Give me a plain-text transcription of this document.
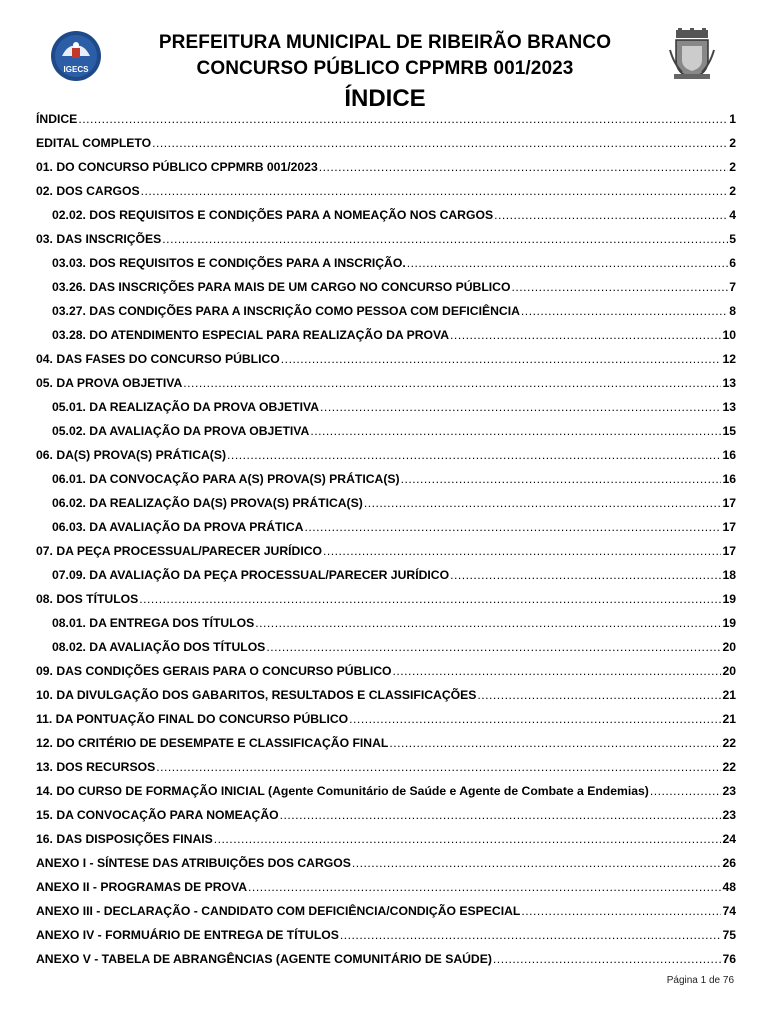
IGECS
PREFEITURA MUNICIPAL DE RIBEIRÃO BRANCO
CONCURSO PÚBLICO CPPMRB 001/2023
ÍNDICE
ÍNDICE .....	1
EDITAL COMPLETO .....	2
01. DO CONCURSO PÚBLICO CPPMRB 001/2023 .....	2
02. DOS CARGOS .....	2
02.02. DOS REQUISITOS E CONDIÇÕES PARA A NOMEAÇÃO NOS CARGOS .....	4
03. DAS INSCRIÇÕES .....	5
03.03. DOS REQUISITOS E CONDIÇÕES PARA A INSCRIÇÃO. .....	6
03.26. DAS INSCRIÇÕES PARA MAIS DE UM CARGO NO CONCURSO PÚBLICO .....	7
03.27. DAS CONDIÇÕES PARA A INSCRIÇÃO COMO PESSOA COM DEFICIÊNCIA .....	8
03.28. DO ATENDIMENTO ESPECIAL PARA REALIZAÇÃO DA PROVA .....	10
04. DAS FASES DO CONCURSO PÚBLICO .....	12
05. DA PROVA OBJETIVA .....	13
05.01. DA REALIZAÇÃO DA PROVA OBJETIVA .....	13
05.02. DA AVALIAÇÃO DA PROVA OBJETIVA .....	15
06. DA(S) PROVA(S) PRÁTICA(S) .....	16
06.01. DA CONVOCAÇÃO PARA A(S) PROVA(S) PRÁTICA(S) .....	16
06.02. DA REALIZAÇÃO DA(S) PROVA(S) PRÁTICA(S) .....	17
06.03. DA AVALIAÇÃO DA PROVA PRÁTICA .....	17
07. DA PEÇA PROCESSUAL/PARECER JURÍDICO .....	17
07.09. DA AVALIAÇÃO DA PEÇA PROCESSUAL/PARECER JURÍDICO .....	18
08. DOS TÍTULOS .....	19
08.01. DA ENTREGA DOS TÍTULOS .....	19
08.02. DA AVALIAÇÃO DOS TÍTULOS .....	20
09. DAS CONDIÇÕES GERAIS PARA O CONCURSO PÚBLICO .....	20
10. DA DIVULGAÇÃO DOS GABARITOS, RESULTADOS E CLASSIFICAÇÕES .....	21
11. DA PONTUAÇÃO FINAL DO CONCURSO PÚBLICO .....	21
12. DO CRITÉRIO DE DESEMPATE E CLASSIFICAÇÃO FINAL .....	22
13. DOS RECURSOS .....	22
14. DO CURSO DE FORMAÇÃO INICIAL (Agente Comunitário de Saúde e Agente de Combate a Endemias) .....	23
15. DA CONVOCAÇÃO PARA NOMEAÇÃO .....	23
16. DAS DISPOSIÇÕES FINAIS .....	24
ANEXO I - SÍNTESE DAS ATRIBUIÇÕES DOS CARGOS .....	26
ANEXO II - PROGRAMAS DE PROVA .....	48
ANEXO III - DECLARAÇÃO - CANDIDATO COM DEFICIÊNCIA/CONDIÇÃO ESPECIAL .....	74
ANEXO IV - FORMUÁRIO DE ENTREGA DE TÍTULOS .....	75
ANEXO V - TABELA DE ABRANGÊNCIAS (AGENTE COMUNITÁRIO DE SAÚDE) .....	76
Página 1 de 76
